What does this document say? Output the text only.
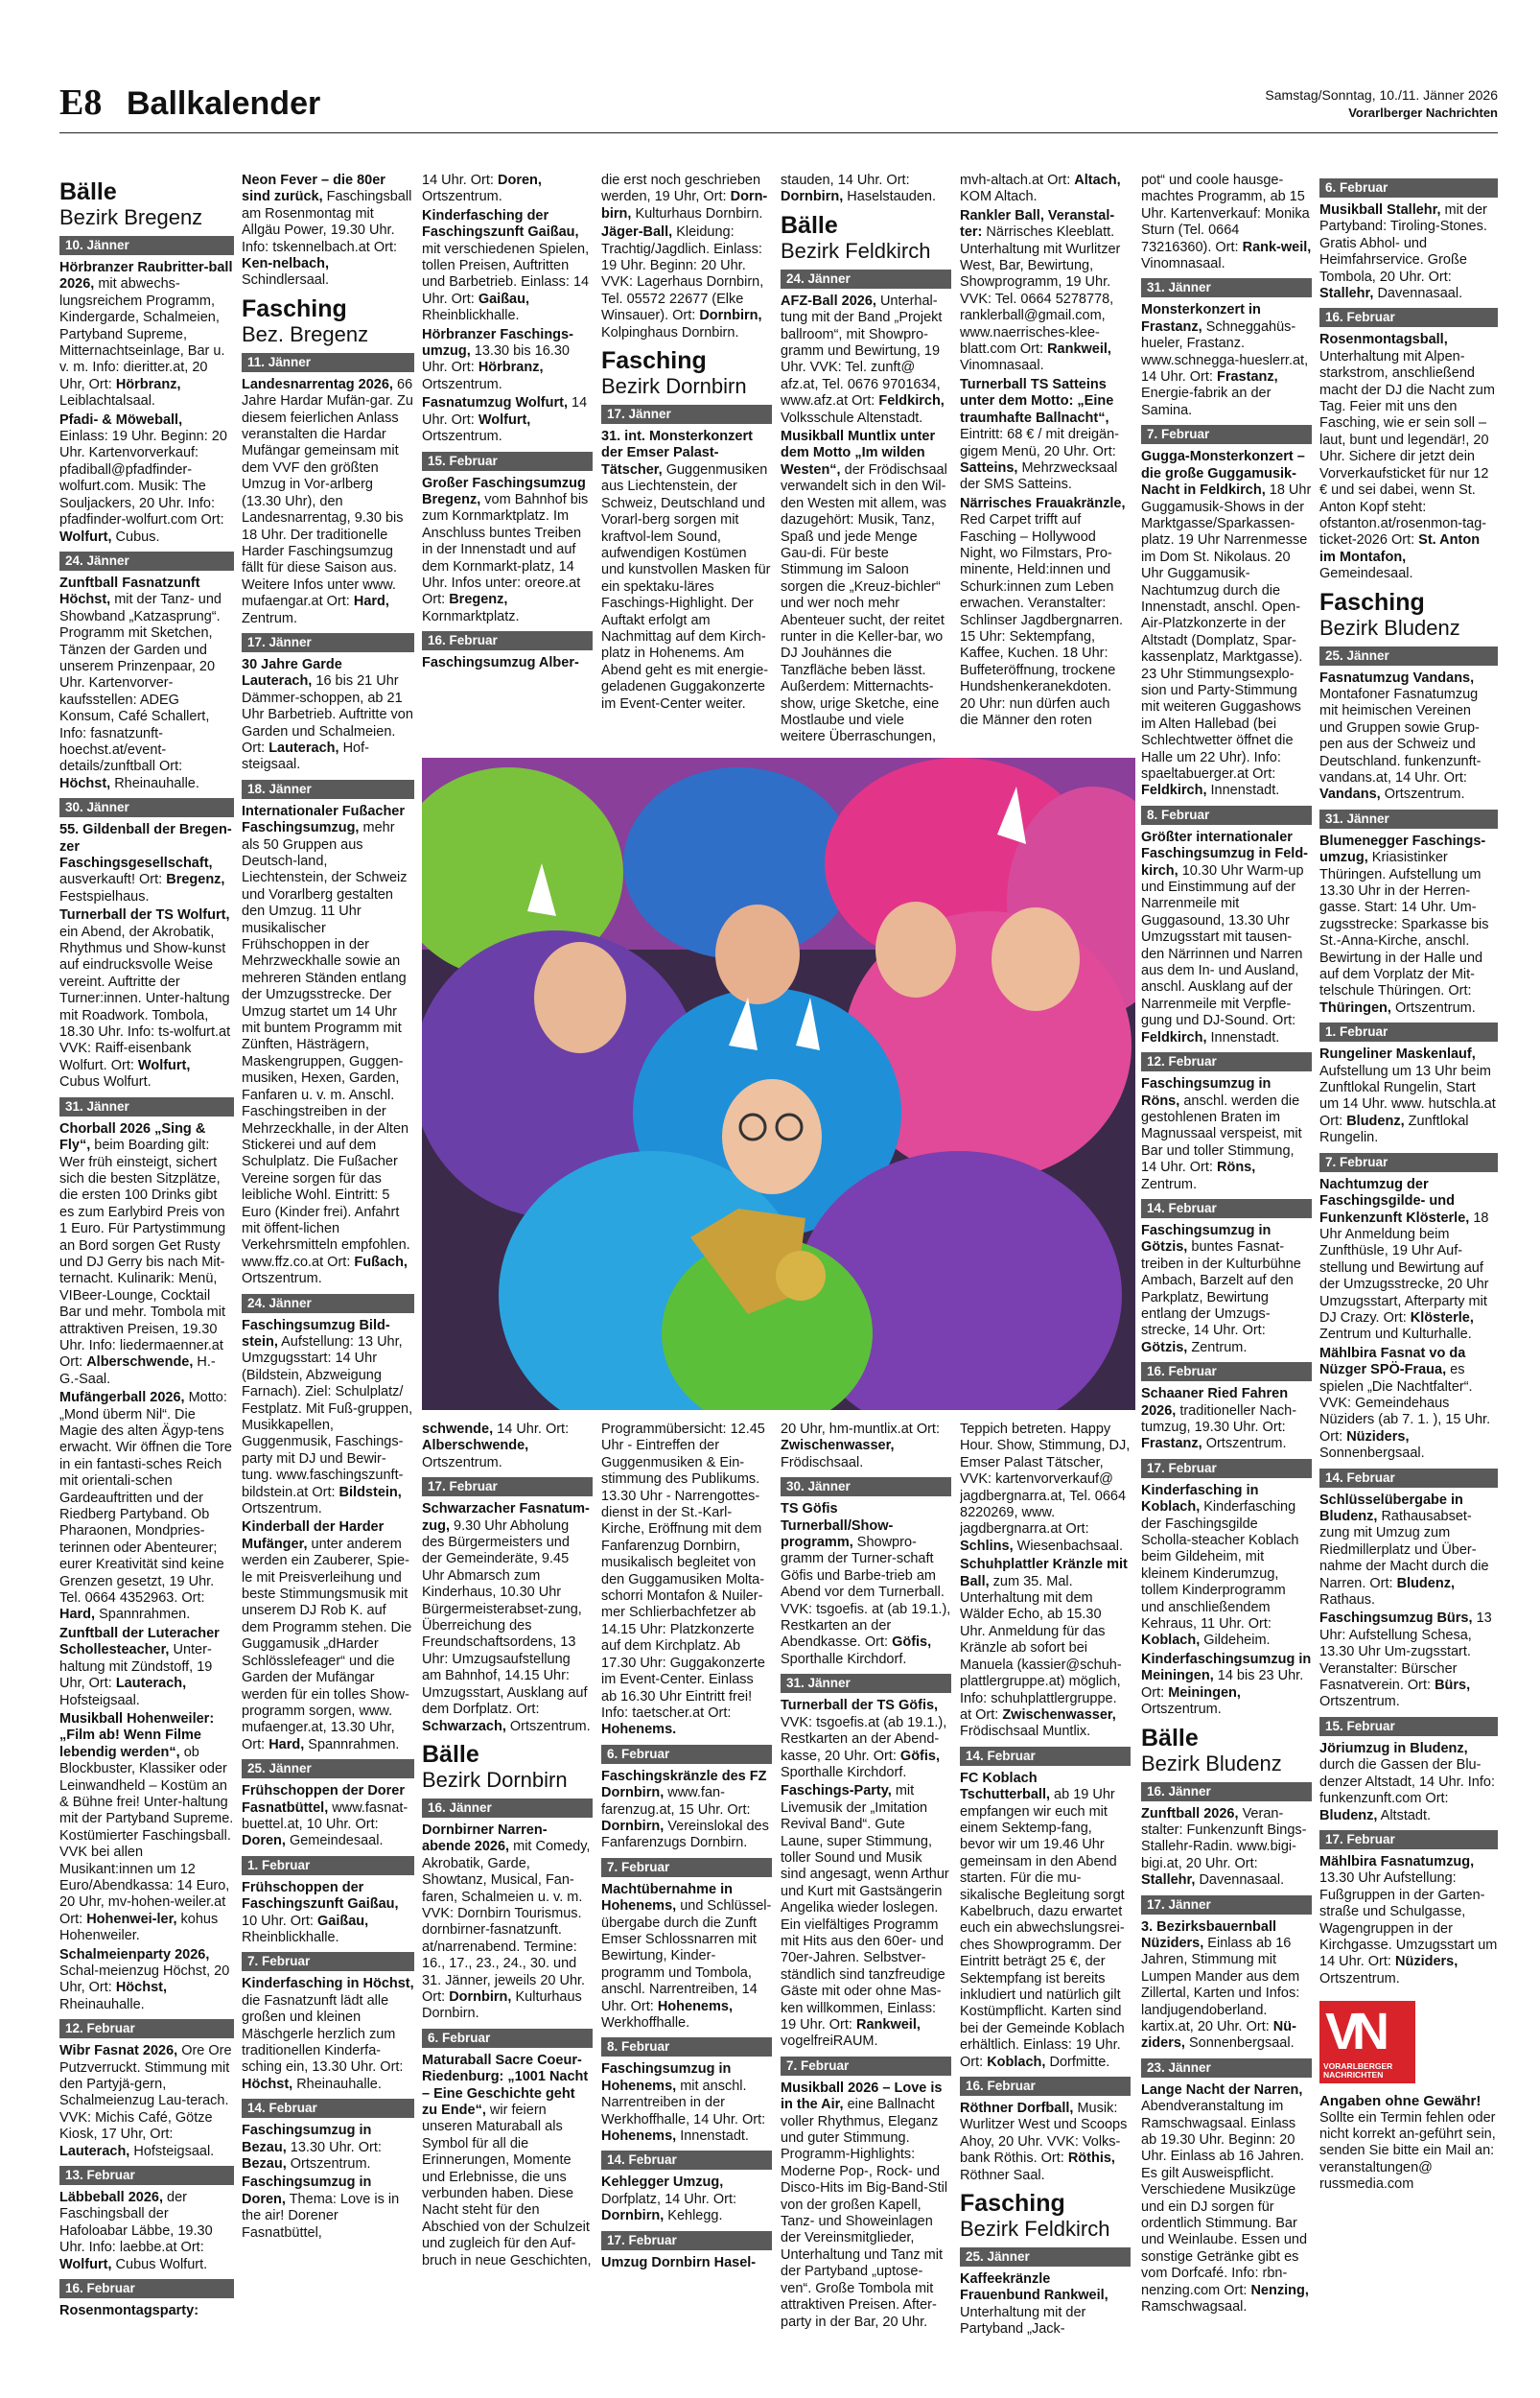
E8 Ballkalender	Samstag/Sonntag, 10./11. Jänner 2026
Vorarlberger Nachrichten
Bälle
Bezirk Bregenz
10. Jänner
Hörbranzer Raubritter-ball 2026, mit abwechs-lungsreichem Programm, Kindergarde, Schalmeien, Partyband Supreme, Mitternachtseinlage, Bar u. v. m. Info: dieritter.at, 20 Uhr, Ort: Hörbranz, Leiblachtalsaal.
Pfadi- & Möweball, Einlass: 19 Uhr. Beginn: 20 Uhr. Kartenvorverkauf: pfadiball@pfadfinder-wolfurt.com. Musik: The Souljackers, 20 Uhr. Info: pfadfinder-wolfurt.com Ort: Wolfurt, Cubus.
24. Jänner
Zunftball Fasnatzunft Höchst, mit der Tanz- und Showband „Katzasprung“. Programm mit Sketchen, Tänzen der Garden und unserem Prinzenpaar, 20 Uhr. Kartenvorver-kaufsstellen: ADEG Konsum, Café Schallert, Info: fasnatzunft-hoechst.at/event-details/zunftball Ort: Höchst, Rheinauhalle.
30. Jänner
55. Gildenball der Bregen-zer Faschingsgesellschaft, ausverkauft! Ort: Bregenz, Festspielhaus.
Turnerball der TS Wolfurt, ein Abend, der Akrobatik, Rhythmus und Show-kunst auf eindrucksvolle Weise vereint. Auftritte der Turner:innen. Unter-haltung mit Roadwork. Tombola, 18.30 Uhr. Info: ts-wolfurt.at VVK: Raiff-eisenbank Wolfurt. Ort: Wolfurt, Cubus Wolfurt.
31. Jänner
Chorball 2026 „Sing & Fly“, beim Boarding gilt: Wer früh einsteigt, sichert sich die besten Sitzplätze, die ersten 100 Drinks gibt es zum Earlybird Preis von 1 Euro. Für Partystimmung an Bord sorgen Get Rusty und DJ Gerry bis nach Mit-ternacht. Kulinarik: Menü, VIBeer-Lounge, Cocktail Bar und mehr. Tombola mit attraktiven Preisen, 19.30 Uhr. Info: liedermaenner.at Ort: Alberschwende, H.-G.-Saal.
Mufängerball 2026, Motto: „Mond überm Nil“. Die Magie des alten Ägyp-tens erwacht. Wir öffnen die Tore in ein fantasti-sches Reich mit orientali-schen Gardeauftritten und der Riedberg Partyband. Ob Pharaonen, Mondpries-terinnen oder Abenteurer; eurer Kreativität sind keine Grenzen gesetzt, 19 Uhr. Tel. 0664 4352963. Ort: Hard, Spannrahmen.
Zunftball der Luteracher Schollesteacher, Unter-haltung mit Zündstoff, 19 Uhr, Ort: Lauterach, Hofsteigsaal.
Musikball Hohenweiler: „Film ab! Wenn Filme lebendig werden“, ob Blockbuster, Klassiker oder Leinwandheld – Kostüm an & Bühne frei! Unter-haltung mit der Partyband Supreme. Kostümierter Faschingsball. VVK bei allen Musikant:innen um 12 Euro/Abendkassa: 14 Euro, 20 Uhr, mv-hohen-weiler.at Ort: Hohenwei-ler, kohus Hohenweiler.
Schalmeienparty 2026, Schal-meienzug Höchst, 20 Uhr, Ort: Höchst, Rheinauhalle.
12. Februar
Wibr Fasnat 2026, Ore Ore Putzverruckt. Stimmung mit den Partyjä-gern, Schalmeienzug Lau-terach. VVK: Michis Café, Götze Kiosk, 17 Uhr, Ort: Lauterach, Hofsteigsaal.
13. Februar
Läbbeball 2026, der Faschingsball der Hafoloabar Läbbe, 19.30 Uhr. Info: laebbe.at Ort: Wolfurt, Cubus Wolfurt.
16. Februar
Rosenmontagsparty:
Neon Fever – die 80er sind zurück, Faschingsball am Rosenmontag mit Allgäu Power, 19.30 Uhr. Info: tskennelbach.at Ort: Ken-nelbach, Schindlersaal.
Fasching
Bez. Bregenz
11. Jänner
Landesnarrentag 2026, 66 Jahre Hardar Mufän-gar. Zu diesem feierlichen Anlass veranstalten die Hardar Mufängar gemeinsam mit dem VVF den größten Umzug in Vor-arlberg (13.30 Uhr), den Landesnarrentag, 9.30 bis 18 Uhr. Der traditionelle Harder Faschingsumzug fällt für diese Saison aus. Weitere Infos unter www. mufaengar.at Ort: Hard, Zentrum.
17. Jänner
30 Jahre Garde Lauterach, 16 bis 21 Uhr Dämmer-schoppen, ab 21 Uhr Barbetrieb. Auftritte von Garden und Schalmeien. Ort: Lauterach, Hof-steigsaal.
18. Jänner
Internationaler Fußacher Faschingsumzug, mehr als 50 Gruppen aus Deutsch-land, Liechtenstein, der Schweiz und Vorarlberg gestalten den Umzug. 11 Uhr musikalischer Frühschoppen in der Mehrzweckhalle sowie an mehreren Ständen entlang der Umzugsstrecke. Der Umzug startet um 14 Uhr mit buntem Programm mit Zünften, Hästrägern, Maskengruppen, Guggen-musiken, Hexen, Garden, Fanfaren u. v. m. Anschl. Faschingstreiben in der Mehrzeckhalle, in der Alten Stickerei und auf dem Schulplatz. Die Fußacher Vereine sorgen für das leibliche Wohl. Eintritt: 5 Euro (Kinder frei). Anfahrt mit öffent-lichen Verkehrsmitteln empfohlen. www.ffz.co.at Ort: Fußach, Ortszentrum.
24. Jänner
Faschingsumzug Bild-stein, Aufstellung: 13 Uhr, Umzgugsstart: 14 Uhr (Bildstein, Abzweigung Farnach). Ziel: Schulplatz/ Festplatz. Mit Fuß-gruppen, Musikkapellen, Guggenmusik, Faschings-party mit DJ und Bewir-tung. www.faschingszunft-bildstein.at Ort: Bildstein, Ortszentrum.
Kinderball der Harder Mufänger, unter anderem werden ein Zauberer, Spie-le mit Preisverleihung und beste Stimmungsmusik mit unserem DJ Rob K. auf dem Programm stehen. Die Guggamusik „dHarder Schlösslefeager“ und die Garden der Mufängar werden für ein tolles Show-programm sorgen, www. mufaenger.at, 13.30 Uhr, Ort: Hard, Spannrahmen.
25. Jänner
Frühschoppen der Dorer Fasnatbüttel, www.fasnat-buettel.at, 10 Uhr. Ort: Doren, Gemeindesaal.
1. Februar
Frühschoppen der Faschingszunft Gaißau, 10 Uhr. Ort: Gaißau, Rheinblickhalle.
7. Februar
Kinderfasching in Höchst, die Fasnatzunft lädt alle großen und kleinen Mäschgerle herzlich zum traditionellen Kinderfa-sching ein, 13.30 Uhr. Ort: Höchst, Rheinauhalle.
14. Februar
Faschingsumzug in Bezau, 13.30 Uhr. Ort: Bezau, Ortszentrum.
Faschingsumzug in Doren, Thema: Love is in the air! Dorener Fasnatbüttel,
14 Uhr. Ort: Doren, Ortszentrum.
Kinderfasching der Faschingszunft Gaißau, mit verschiedenen Spielen, tollen Preisen, Auftritten und Barbetrieb. Einlass: 14 Uhr. Ort: Gaißau, Rheinblickhalle.
Hörbranzer Faschings-umzug, 13.30 bis 16.30 Uhr. Ort: Hörbranz, Ortszentrum.
Fasnatumzug Wolfurt, 14 Uhr. Ort: Wolfurt, Ortszentrum.
15. Februar
Großer Faschingsumzug Bregenz, vom Bahnhof bis zum Kornmarktplatz. Im Anschluss buntes Treiben in der Innenstadt und auf dem Kornmarkt-platz, 14 Uhr. Infos unter: oreore.at Ort: Bregenz, Kornmarktplatz.
16. Februar
Faschingsumzug Alber-
die erst noch geschrieben werden, 19 Uhr, Ort: Dorn-birn, Kulturhaus Dornbirn.
Jäger-Ball, Kleidung: Trachtig/Jagdlich. Einlass: 19 Uhr. Beginn: 20 Uhr. VVK: Lagerhaus Dornbirn, Tel. 05572 22677 (Elke Winsauer). Ort: Dornbirn, Kolpinghaus Dornbirn.
Fasching
Bezirk Dornbirn
17. Jänner
31. int. Monsterkonzert der Emser Palast-Tätscher, Guggenmusiken aus Liechtenstein, der Schweiz, Deutschland und Vorarl-berg sorgen mit kraftvol-lem Sound, aufwendigen Kostümen und kunstvollen Masken für ein spektaku-läres Faschings-Highlight. Der Auftakt erfolgt am Nachmittag auf dem Kirch-platz in Hohenems. Am Abend geht es mit energie-geladenen Guggakonzerte im Event-Center weiter.
stauden, 14 Uhr. Ort: Dornbirn, Haselstauden.
Bälle
Bezirk Feldkirch
24. Jänner
AFZ-Ball 2026, Unterhal-tung mit der Band „Projekt ballroom“, mit Showpro-gramm und Bewirtung, 19 Uhr. VVK: Tel. zunft@ afz.at, Tel. 0676 9701634, www.afz.at Ort: Feldkirch, Volksschule Altenstadt.
Musikball Muntlix unter dem Motto „Im wilden Westen“, der Frödischsaal verwandelt sich in den Wil-den Westen mit allem, was dazugehört: Musik, Tanz, Spaß und jede Menge Gau-di. Für beste Stimmung im Saloon sorgen die „Kreuz-bichler“ und wer noch mehr Abenteuer sucht, der reitet runter in die Keller-bar, wo DJ Jouhännes die Tanzfläche beben lässt. Außerdem: Mitternachts-show, urige Sketche, eine Mostlaube und viele weitere Überraschungen,
mvh-altach.at Ort: Altach, KOM Altach.
Rankler Ball, Veranstal-ter: Närrisches Kleeblatt. Unterhaltung mit Wurlitzer West, Bar, Bewirtung, Showprogramm, 19 Uhr. VVK: Tel. 0664 5278778, ranklerball@gmail.com, www.naerrisches-klee-blatt.com Ort: Rankweil, Vinomnasaal.
Turnerball TS Satteins unter dem Motto: „Eine traumhafte Ballnacht“, Eintritt: 68 € / mit dreigän-gigem Menü, 20 Uhr. Ort: Satteins, Mehrzwecksaal der SMS Satteins.
Närrisches Frauakränzle, Red Carpet trifft auf Fasching – Hollywood Night, wo Filmstars, Pro-minente, Held:innen und Schurk:innen zum Leben erwachen. Veranstalter: Schlinser Jagdbergnarren. 15 Uhr: Sektempfang, Kaffee, Kuchen. 18 Uhr: Buffeteröffnung, trockene Hundshenkeranekdoten. 20 Uhr: nun dürfen auch die Männer den roten
schwende, 14 Uhr. Ort: Alberschwende, Ortszentrum.
17. Februar
Schwarzacher Fasnatum-zug, 9.30 Uhr Abholung des Bürgermeisters und der Gemeinderäte, 9.45 Uhr Abmarsch zum Kinderhaus, 10.30 Uhr Bürgermeisterabset-zung, Überreichung des Freundschaftsordens, 13 Uhr: Umzugsaufstellung am Bahnhof, 14.15 Uhr: Umzugsstart, Ausklang auf dem Dorfplatz. Ort: Schwarzach, Ortszentrum.
Bälle
Bezirk Dornbirn
16. Jänner
Dornbirner Narren-abende 2026, mit Comedy, Akrobatik, Garde, Showtanz, Musical, Fan-faren, Schalmeien u. v. m. VVK: Dornbirn Tourismus. dornbirner-fasnatzunft. at/narrenabend. Termine: 16., 17., 23., 24., 30. und 31. Jänner, jeweils 20 Uhr. Ort: Dornbirn, Kulturhaus Dornbirn.
6. Februar
Maturaball Sacre Coeur-Riedenburg: „1001 Nacht – Eine Geschichte geht zu Ende“, wir feiern unseren Maturaball als Symbol für all die Erinnerungen, Momente und Erlebnisse, die uns verbunden haben. Diese Nacht steht für den Abschied von der Schulzeit und zugleich für den Auf-bruch in neue Geschichten,
Programmübersicht: 12.45 Uhr - Eintreffen der Guggenmusiken & Ein-stimmung des Publikums. 13.30 Uhr - Narrengottes-dienst in der St.-Karl-Kirche, Eröffnung mit dem Fanfarenzug Dornbirn, musikalisch begleitet von den Guggamusiken Molta-schorri Montafon & Nuiler-mer Schlierbachfetzer ab 14.15 Uhr: Platzkonzerte auf dem Kirchplatz. Ab 17.30 Uhr: Guggakonzerte im Event-Center. Einlass ab 16.30 Uhr Eintritt frei! Info: taetscher.at Ort: Hohenems.
6. Februar
Faschingskränzle des FZ Dornbirn, www.fan-farenzug.at, 15 Uhr. Ort: Dornbirn, Vereinslokal des Fanfarenzugs Dornbirn.
7. Februar
Machtübernahme in Hohenems, und Schlüssel-übergabe durch die Zunft Emser Schlossnarren mit Bewirtung, Kinder-programm und Tombola, anschl. Narrentreiben, 14 Uhr. Ort: Hohenems, Werkhoffhalle.
8. Februar
Faschingsumzug in Hohenems, mit anschl. Narrentreiben in der Werkhoffhalle, 14 Uhr. Ort: Hohenems, Innenstadt.
14. Februar
Kehlegger Umzug, Dorfplatz, 14 Uhr. Ort: Dornbirn, Kehlegg.
17. Februar
Umzug Dornbirn Hasel-
20 Uhr, hm-muntlix.at Ort: Zwischenwasser, Frödischsaal.
30. Jänner
TS Göfis Turnerball/Show-programm, Showpro-gramm der Turner-schaft Göfis und Barbe-trieb am Abend vor dem Turnerball. VVK: tsgoefis. at (ab 19.1.), Restkarten an der Abendkasse. Ort: Göfis, Sporthalle Kirchdorf.
31. Jänner
Turnerball der TS Göfis, VVK: tsgoefis.at (ab 19.1.), Restkarten an der Abend-kasse, 20 Uhr. Ort: Göfis, Sporthalle Kirchdorf.
Faschings-Party, mit Livemusik der „Imitation Revival Band“. Gute Laune, super Stimmung, toller Sound und Musik sind angesagt, wenn Arthur und Kurt mit Gastsängerin Angelika wieder loslegen. Ein vielfältiges Programm mit Hits aus den 60er- und 70er-Jahren. Selbstver-ständlich sind tanzfreudige Gäste mit oder ohne Mas-ken willkommen, Einlass: 19 Uhr. Ort: Rankweil, vogelfreiRAUM.
7. Februar
Musikball 2026 – Love is in the Air, eine Ballnacht voller Rhythmus, Eleganz und guter Stimmung. Programm-Highlights: Moderne Pop-, Rock- und Disco-Hits im Big-Band-Stil von der großen Kapell, Tanz- und Showeinlagen der Vereinsmitglieder, Unterhaltung und Tanz mit der Partyband „uptose-ven“. Große Tombola mit attraktiven Preisen. After-party in der Bar, 20 Uhr.
Teppich betreten. Happy Hour. Show, Stimmung, DJ, Emser Palast Tätscher, VVK: kartenvorverkauf@ jagdbergnarra.at, Tel. 0664 8220269, www. jagdbergnarra.at Ort: Schlins, Wiesenbachsaal.
Schuhplattler Kränzle mit Ball, zum 35. Mal. Unterhaltung mit dem Wälder Echo, ab 15.30 Uhr. Anmeldung für das Kränzle ab sofort bei Manuela (kassier@schuh-plattlergruppe.at) möglich, Info: schuhplattlergruppe. at Ort: Zwischenwasser, Frödischsaal Muntlix.
14. Februar
FC Koblach Tschutterball, ab 19 Uhr empfangen wir euch mit einem Sektemp-fang, bevor wir um 19.46 Uhr gemeinsam in den Abend starten. Für die mu-sikalische Begleitung sorgt Kabelbruch, dazu erwartet euch ein abwechslungsrei-ches Showprogramm. Der Eintritt beträgt 25 €, der Sektempfang ist bereits inkludiert und natürlich gilt Kostümpflicht. Karten sind bei der Gemeinde Koblach erhältlich. Einlass: 19 Uhr. Ort: Koblach, Dorfmitte.
16. Februar
Röthner Dorfball, Musik: Wurlitzer West und Scoops Ahoy, 20 Uhr. VVK: Volks-bank Röthis. Ort: Röthis, Röthner Saal.
Fasching
Bezirk Feldkirch
25. Jänner
Kaffeekränzle Frauenbund Rankweil, Unterhaltung mit der Partyband „Jack-
pot“ und coole hausge-machtes Programm, ab 15 Uhr. Kartenverkauf: Monika Sturn (Tel. 0664 73216360). Ort: Rank-weil, Vinomnasaal.
31. Jänner
Monsterkonzert in Frastanz, Schneggahüs-hueler, Frastanz. www.schnegga-hueslerr.at, 14 Uhr. Ort: Frastanz, Energie-fabrik an der Samina.
7. Februar
Gugga-Monsterkonzert – die große Guggamusik-Nacht in Feldkirch, 18 Uhr Guggamusik-Shows in der Marktgasse/Sparkassen-platz. 19 Uhr Narrenmesse im Dom St. Nikolaus. 20 Uhr Guggamusik-Nachtumzug durch die Innenstadt, anschl. Open-Air-Platzkonzerte in der Altstadt (Domplatz, Spar-kassenplatz, Marktgasse). 23 Uhr Stimmungsexplo-sion und Party-Stimmung mit weiteren Guggashows im Alten Hallebad (bei Schlechtwetter öffnet die Halle um 22 Uhr). Info: spaeltabuerger.at Ort: Feldkirch, Innenstadt.
8. Februar
Größter internationaler Faschingsumzug in Feld-kirch, 10.30 Uhr Warm-up und Einstimmung auf der Narrenmeile mit Guggasound, 13.30 Uhr Umzugsstart mit tausen-den Närrinnen und Narren aus dem In- und Ausland, anschl. Ausklang auf der Narrenmeile mit Verpfle-gung und DJ-Sound. Ort: Feldkirch, Innenstadt.
12. Februar
Faschingsumzug in Röns, anschl. werden die gestohlenen Braten im Magnussaal verspeist, mit Bar und toller Stimmung, 14 Uhr. Ort: Röns, Zentrum.
14. Februar
Faschingsumzug in Götzis, buntes Fasnat-treiben in der Kulturbühne Ambach, Barzelt auf den Parkplatz, Bewirtung entlang der Umzugs-strecke, 14 Uhr. Ort: Götzis, Zentrum.
16. Februar
Schaaner Ried Fahren 2026, traditioneller Nach-tumzug, 19.30 Uhr. Ort: Frastanz, Ortszentrum.
17. Februar
Kinderfasching in Koblach, Kinderfasching der Faschingsgilde Scholla-steacher Koblach beim Gildeheim, mit kleinem Kinderumzug, tollem Kinderprogramm und anschließendem Kehraus, 11 Uhr. Ort: Koblach, Gildeheim.
Kinderfaschingsumzug in Meiningen, 14 bis 23 Uhr. Ort: Meiningen, Ortszentrum.
Bälle
Bezirk Bludenz
16. Jänner
Zunftball 2026, Veran-stalter: Funkenzunft Bings-Stallehr-Radin. www.bigi-bigi.at, 20 Uhr. Ort: Stallehr, Davennasaal.
17. Jänner
3. Bezirksbauernball Nüziders, Einlass ab 16 Jahren, Stimmung mit Lumpen Mander aus dem Zillertal, Karten und Infos: landjugendoberland. kartix.at, 20 Uhr. Ort: Nü-ziders, Sonnenbergsaal.
23. Jänner
Lange Nacht der Narren, Abendveranstaltung im Ramschwagsaal. Einlass ab 19.30 Uhr. Beginn: 20 Uhr. Einlass ab 16 Jahren. Es gilt Ausweispflicht. Verschiedene Musikzüge und ein DJ sorgen für ordentlich Stimmung. Bar und Weinlaube. Essen und sonstige Getränke gibt es vom Dorfcafé. Info: rbn-nenzing.com Ort: Nenzing, Ramschwagsaal.
6. Februar
Musikball Stallehr, mit der Partyband: Tiroling-Stones. Gratis Abhol- und Heimfahrservice. Große Tombola, 20 Uhr. Ort: Stallehr, Davennasaal.
16. Februar
Rosenmontagsball, Unterhaltung mit Alpen-starkstrom, anschließend macht der DJ die Nacht zum Tag. Feier mit uns den Fasching, wie er sein soll – laut, bunt und legendär!, 20 Uhr. Sichere dir jetzt dein Vorverkaufsticket für nur 12 € und sei dabei, wenn St. Anton Kopf steht: ofstanton.at/rosenmon-tag-ticket-2026 Ort: St. Anton im Montafon, Gemeindesaal.
Fasching
Bezirk Bludenz
25. Jänner
Fasnatumzug Vandans, Montafoner Fasnatumzug mit heimischen Vereinen und Gruppen sowie Grup-pen aus der Schweiz und Deutschland. funkenzunft-vandans.at, 14 Uhr. Ort: Vandans, Ortszentrum.
31. Jänner
Blumenegger Faschings-umzug, Kriasistinker Thüringen. Aufstellung um 13.30 Uhr in der Herren-gasse. Start: 14 Uhr. Um-zugsstrecke: Sparkasse bis St.-Anna-Kirche, anschl. Bewirtung in der Halle und auf dem Vorplatz der Mit-telschule Thüringen. Ort: Thüringen, Ortszentrum.
1. Februar
Rungeliner Maskenlauf, Aufstellung um 13 Uhr beim Zunftlokal Rungelin, Start um 14 Uhr. www. hutschla.at Ort: Bludenz, Zunftlokal Rungelin.
7. Februar
Nachtumzug der Faschingsgilde- und Funkenzunft Klösterle, 18 Uhr Anmeldung beim Zunfthüsle, 19 Uhr Auf-stellung und Bewirtung auf der Umzugsstrecke, 20 Uhr Umzugsstart, Afterparty mit DJ Crazy. Ort: Klösterle, Zentrum und Kulturhalle.
Mählbira Fasnat vo da Nüzger SPÖ-Fraua, es spielen „Die Nachtfalter“. VVK: Gemeindehaus Nüziders (ab 7. 1. ), 15 Uhr. Ort: Nüziders, Sonnenbergsaal.
14. Februar
Schlüsselübergabe in Bludenz, Rathausabset-zung mit Umzug zum Riedmillerplatz und Über-nahme der Macht durch die Narren. Ort: Bludenz, Rathaus.
Faschingsumzug Bürs, 13 Uhr: Aufstellung Schesa, 13.30 Uhr Um-zugsstart. Veranstalter: Bürscher Fasnatverein. Ort: Bürs, Ortszentrum.
15. Februar
Jöriumzug in Bludenz, durch die Gassen der Blu-denzer Altstadt, 14 Uhr. Info: funkenzunft.com Ort: Bludenz, Altstadt.
17. Februar
Mählbira Fasnatumzug, 13.30 Uhr Aufstellung: Fußgruppen in der Garten-straße und Schulgasse, Wagengruppen in der Kirchgasse. Umzugsstart um 14 Uhr. Ort: Nüziders, Ortszentrum.
VN
VORARLBERGER NACHRICHTEN
Angaben ohne Gewähr!
Sollte ein Termin fehlen oder nicht korrekt an-geführt sein, senden Sie bitte ein Mail an: veranstaltungen@ russmedia.com
